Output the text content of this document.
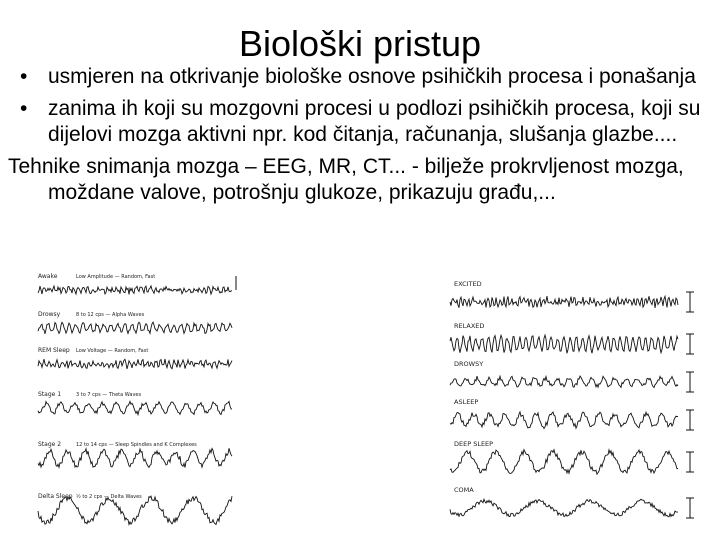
Biološki pristup
• usmjeren na otkrivanje biološke osnove psihičkih procesa i ponašanja
• zanima ih koji su mozgovni procesi u podlozi psihičkih procesa, koji su dijelovi mozga aktivni npr. kod čitanja, računanja, slušanja glazbe....
Tehnike snimanja mozga – EEG, MR, CT... - bilježe prokrvljenost mozga, moždane valove, potrošnju glukoze, prikazuju građu,...
Awake	Low Amplitude — Random, Fast
Drowsy	8 to 12 cps — Alpha Waves
REM Sleep Low Voltage — Random, Fast
Stage 1	3 to 7 cps — Theta Waves
Stage 2	12 to 14 cps — Sleep Spindles and K Complexes
Delta Sleep ½ to 2 cps — Delta Waves
EXCITED
RELAXED
DROWSY
ASLEEP
DEEP SLEEP
COMA
